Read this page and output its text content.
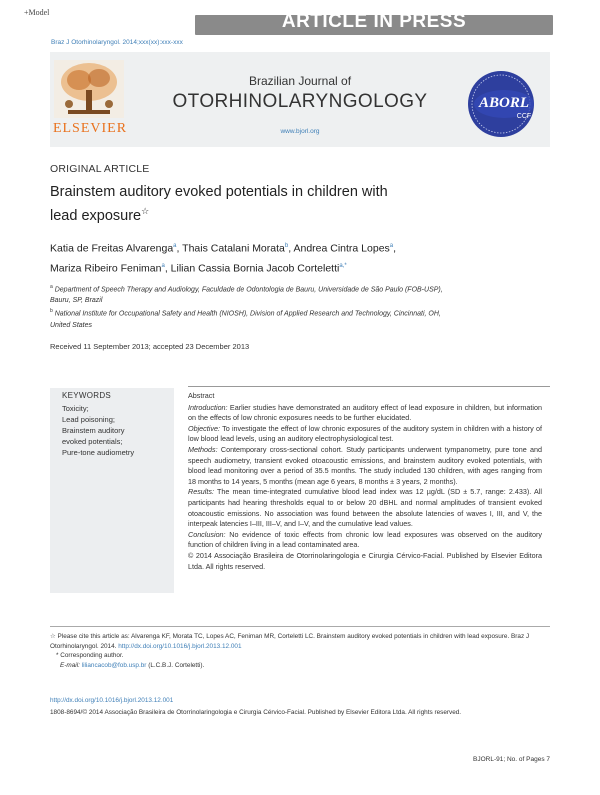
+Model	ARTICLE IN PRESS
Braz J Otorhinolaryngol. 2014;xxx(xx):xxx-xxx
ELSEVIER
Brazilian Journal of
OTORHINOLARYNGOLOGY
www.bjorl.org
ABORL
CCF
ORIGINAL ARTICLE
Brainstem auditory evoked potentials in children with
lead exposure☆
Katia de Freitas Alvarenga$^a$, Thais Catalani Morata$^b$, Andrea Cintra Lopes$^a$,
Mariza Ribeiro Feniman$^a$, Lilian Cassia Bornia Jacob Corteletti$^{a,*}$
$^a$ Department of Speech Therapy and Audiology, Faculdade de Odontologia de Bauru, Universidade de São Paulo (FOB-USP),
Bauru, SP, Brazil
$^b$ National Institute for Occupational Safety and Health (NIOSH), Division of Applied Research and Technology, Cincinnati, OH,
United States
Received 11 September 2013; accepted 23 December 2013
KEYWORDS
Toxicity;
Lead poisoning;
Brainstem auditory
evoked potentials;
Pure-tone audiometry
Abstract

Introduction: Earlier studies have demonstrated an auditory effect of lead exposure in children, but information on the effects of low chronic exposures needs to be further elucidated.

Objective: To investigate the effect of low chronic exposures of the auditory system in children with a history of low blood lead levels, using an auditory electrophysiological test.

Methods: Contemporary cross-sectional cohort. Study participants underwent tympanometry, pure tone and speech audiometry, transient evoked otoacoustic emissions, and brainstem auditory evoked potentials, with blood lead monitoring over a period of 35.5 months. The study included 130 children, with ages ranging from 18 months to 14 years, 5 months (mean age 6 years, 8 months ± 3 years, 2 months).

Results: The mean time-integrated cumulative blood lead index was 12 µg/dL (SD ± 5.7, range: 2.433). All participants had hearing thresholds equal to or below 20 dBHL and normal amplitudes of transient evoked otoacoustic emissions. No association was found between the absolute latencies of waves I, III, and V, the interpeak latencies I–III, III–V, and I–V, and the cumulative lead values.

Conclusion: No evidence of toxic effects from chronic low lead exposures was observed on the auditory function of children living in a lead contaminated area.

© 2014 Associação Brasileira de Otorrinolaringologia e Cirurgia Cérvico-Facial. Published by Elsevier Editora Ltda. All rights reserved.

☆ Please cite this article as: Alvarenga KF, Morata TC, Lopes AC, Feniman MR, Corteletti LC. Brainstem auditory evoked potentials in children with lead exposure. Braz J Otorhinolaryngol. 2014. http://dx.doi.org/10.1016/j.bjorl.2013.12.001

* Corresponding author.

E-mail: liliancacob@fob.usp.br (L.C.B.J. Corteletti).

http://dx.doi.org/10.1016/j.bjorl.2013.12.001
1808-8694/© 2014 Associação Brasileira de Otorrinolaringologia e Cirurgia Cérvico-Facial. Published by Elsevier Editora Ltda. All rights reserved.
BJORL-91; No. of Pages 7
